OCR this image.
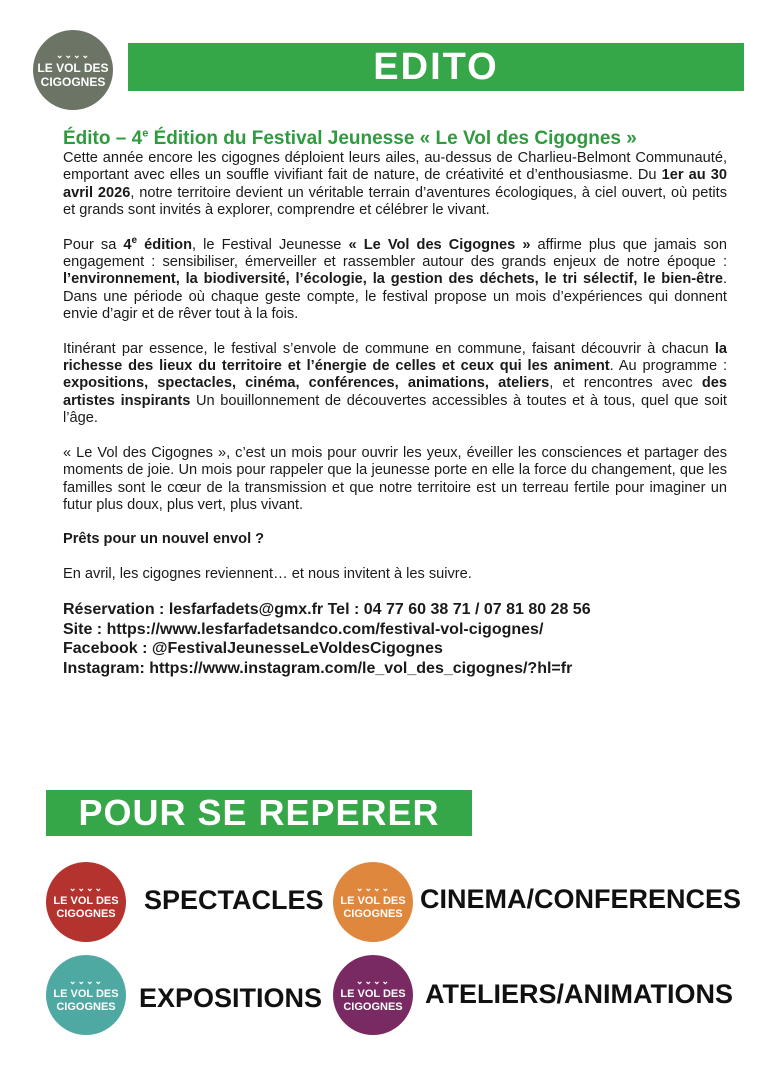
⌄⌄⌄⌄
LE VOL DES
CIGOGNES	EDITO
Édito – 4e Édition du Festival Jeunesse « Le Vol des Cigognes »

Cette année encore les cigognes déploient leurs ailes, au-dessus de Charlieu-Belmont Communauté, emportant avec elles un souffle vivifiant fait de nature, de créativité et d’enthousiasme. Du 1er au 30 avril 2026, notre territoire devient un véritable terrain d’aventures écologiques, à ciel ouvert, où petits et grands sont invités à explorer, comprendre et célébrer le vivant.

Pour sa 4e édition, le Festival Jeunesse « Le Vol des Cigognes » affirme plus que jamais son engagement : sensibiliser, émerveiller et rassembler autour des grands enjeux de notre époque : l’environnement, la biodiversité, l’écologie, la gestion des déchets, le tri sélectif, le bien-être. Dans une période où chaque geste compte, le festival propose un mois d’expériences qui donnent envie d’agir et de rêver tout à la fois.

Itinérant par essence, le festival s’envole de commune en commune, faisant découvrir à chacun la richesse des lieux du territoire et l’énergie de celles et ceux qui les animent. Au programme : expositions, spectacles, cinéma, conférences, animations, ateliers, et rencontres avec des artistes inspirants Un bouillonnement de découvertes accessibles à toutes et à tous, quel que soit l’âge.

« Le Vol des Cigognes », c’est un mois pour ouvrir les yeux, éveiller les consciences et partager des moments de joie. Un mois pour rappeler que la jeunesse porte en elle la force du changement, que les familles sont le cœur de la transmission et que notre territoire est un terreau fertile pour imaginer un futur plus doux, plus vert, plus vivant.

Prêts pour un nouvel envol ?

En avril, les cigognes reviennent… et nous invitent à les suivre.

Réservation : lesfarfadets@gmx.fr Tel : 04 77 60 38 71 / 07 81 80 28 56
Site : https://www.lesfarfadetsandco.com/festival-vol-cigognes/
Facebook : @FestivalJeunesseLeVoldesCigognes
Instagram: https://www.instagram.com/le_vol_des_cigognes/?hl=fr
POUR SE REPERER
⌄⌄⌄⌄
LE VOL DES
CIGOGNES SPECTACLES	⌄⌄⌄⌄
LE VOL DES
CIGOGNES CINEMA/CONFERENCES
⌄⌄⌄⌄
LE VOL DES
CIGOGNES EXPOSITIONS
⌄⌄⌄⌄
LE VOL DES
CIGOGNES ATELIERS/ANIMATIONS
